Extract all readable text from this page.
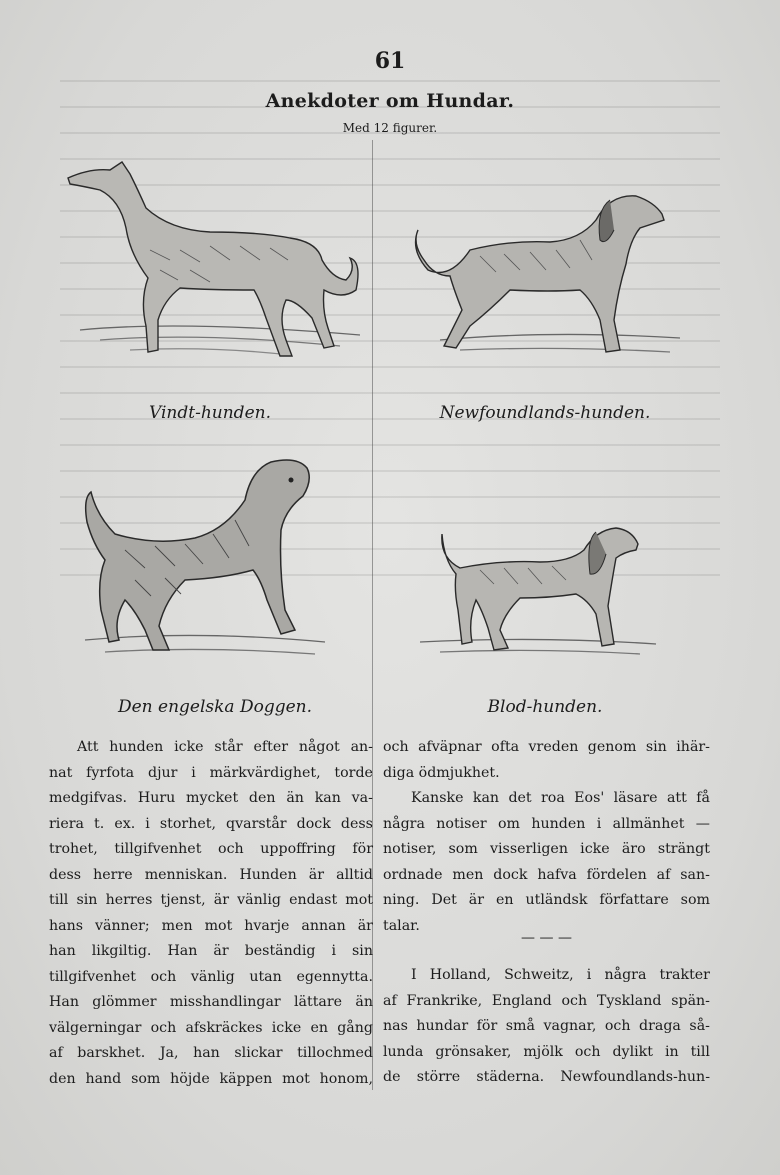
61
Anekdoter om Hundar.
Med 12 figurer.
Vindt-hunden.	Newfoundlands-hunden.
Den engelska Doggen.	Blod-hunden.
Att hunden icke står efter något an-
nat fyrfota djur i märkvärdighet, torde
medgifvas. Huru mycket den än kan va-
riera t. ex. i storhet, qvarstår dock dess
trohet, tillgifvenhet och uppoffring för
dess herre menniskan. Hunden är alltid
till sin herres tjenst, är vänlig endast mot
hans vänner; men mot hvarje annan är
han likgiltig. Han är beständig i sin
tillgifvenhet och vänlig utan egennytta.
Han glömmer misshandlingar lättare än
välgerningar och afskräckes icke en gång
af barskhet. Ja, han slickar tillochmed
den hand som höjde käppen mot honom,
och afväpnar ofta vreden genom sin ihär-
diga ödmjukhet.
Kanske kan det roa Eos' läsare att få
några notiser om hunden i allmänhet —
notiser, som visserligen icke äro strängt
ordnade men dock hafva fördelen af san-
ning. Det är en utländsk författare som
talar.
— — —
I Holland, Schweitz, i några trakter
af Frankrike, England och Tyskland spän-
nas hundar för små vagnar, och draga så-
lunda grönsaker, mjölk och dylikt in till
de större städerna. Newfoundlands-hun-
